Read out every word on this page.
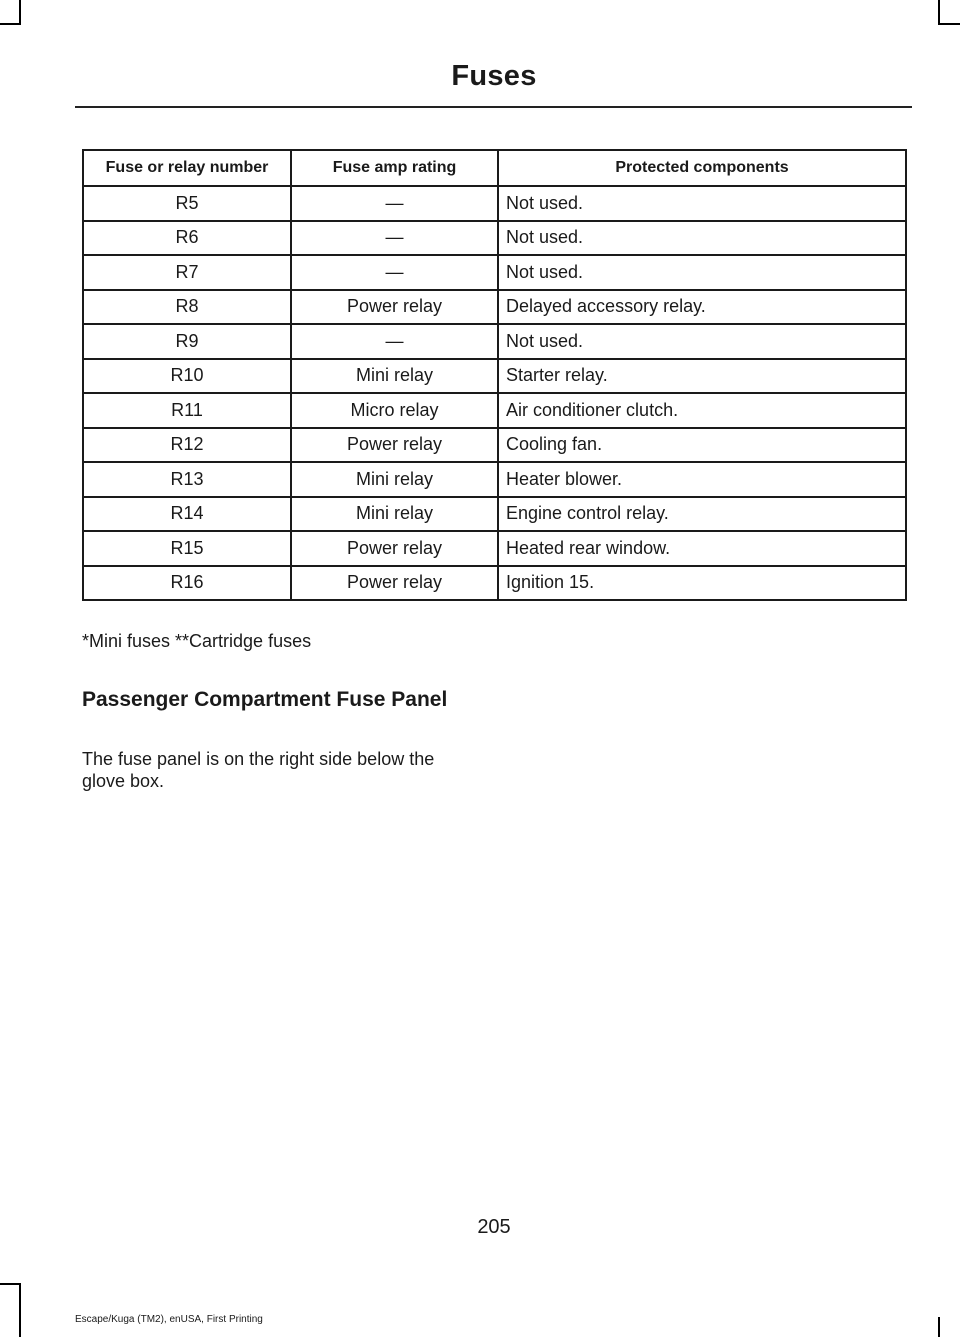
Fuses
Fuse or relay number	Fuse amp rating	Protected components
R5	—	Not used.
R6	—	Not used.
R7	—	Not used.
R8	Power relay	Delayed accessory relay.
R9	—	Not used.
R10	Mini relay	Starter relay.
R11	Micro relay	Air conditioner clutch.
R12	Power relay	Cooling fan.
R13	Mini relay	Heater blower.
R14	Mini relay	Engine control relay.
R15	Power relay	Heated rear window.
R16	Power relay	Ignition 15.
*Mini fuses **Cartridge fuses
Passenger Compartment Fuse Panel
The fuse panel is on the right side below the glove box.
205
Escape/Kuga (TM2), enUSA, First Printing
